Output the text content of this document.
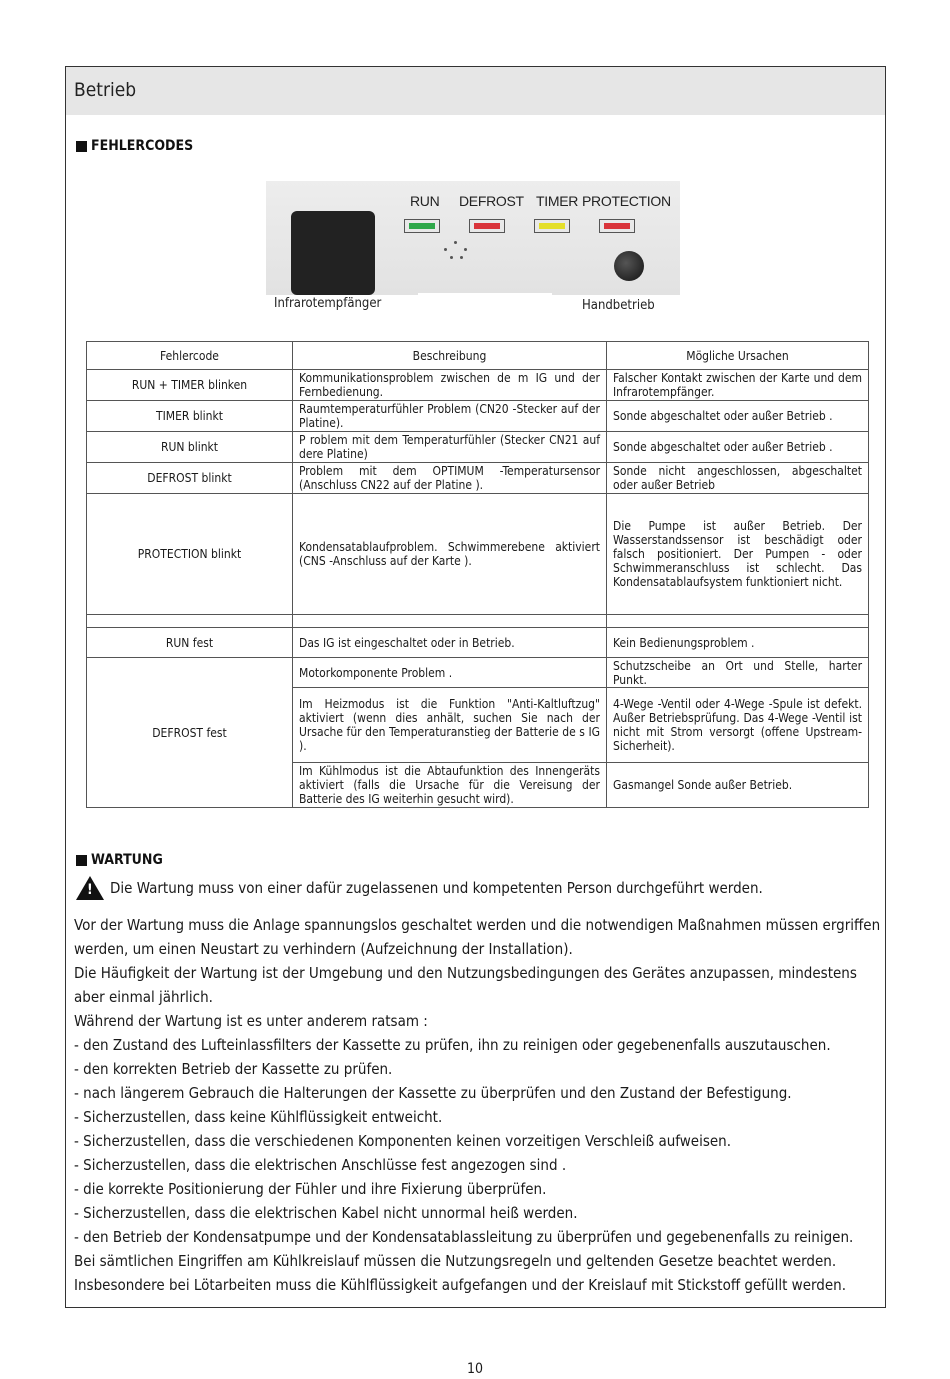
Betrieb
FEHLERCODES
RUN DEFROST TIMER PROTECTION
Infrarotempfänger	Handbetrieb
Fehlercode	Beschreibung	Mögliche Ursachen
RUN + TIMER blinken	Kommunikationsproblem zwischen de m IG und der Fernbedienung.	Falscher Kontakt zwischen der Karte und dem Infrarotempfänger.
TIMER blinkt	Raumtemperaturfühler Problem (CN20 -Stecker auf der Platine).	Sonde abgeschaltet oder außer Betrieb .
RUN blinkt	P roblem mit dem Temperaturfühler (Stecker CN21 auf dere Platine)	Sonde abgeschaltet oder außer Betrieb .
DEFROST blinkt	Problem mit dem OPTIMUM -Temperatursensor (Anschluss CN22 auf der Platine ).	Sonde nicht angeschlossen, abgeschaltet oder außer Betrieb
PROTECTION blinkt	Kondensatablaufproblem. Schwimmerebene aktiviert (CNS -Anschluss auf der Karte ).	Die Pumpe ist außer Betrieb. Der Wasserstandssensor ist beschädigt oder falsch positioniert. Der Pumpen - oder Schwimmeranschluss ist schlecht. Das Kondensatablaufsystem funktioniert nicht.

RUN fest	Das IG ist eingeschaltet oder in Betrieb.	Kein Bedienungsproblem .
DEFROST fest	Motorkomponente Problem .	Schutzscheibe an Ort und Stelle, harter Punkt.
	Im Heizmodus ist die Funktion "Anti-Kaltluftzug" aktiviert (wenn dies anhält, suchen Sie nach der Ursache für den Temperaturanstieg der Batterie de s IG ).	4-Wege -Ventil oder 4-Wege -Spule ist defekt. Außer Betriebsprüfung. Das 4-Wege -Ventil ist nicht mit Strom versorgt (offene Upstream-Sicherheit).
	Im Kühlmodus ist die Abtaufunktion des Innengeräts aktiviert (falls die Ursache für die Vereisung der Batterie des IG weiterhin gesucht wird).	Gasmangel Sonde außer Betrieb.
WARTUNG
! Die Wartung muss von einer dafür zugelassenen und kompetenten Person durchgeführt werden.

Vor der Wartung muss die Anlage spannungslos geschaltet werden und die notwendigen Maßnahmen müssen ergriffen werden, um einen Neustart zu verhindern (Aufzeichnung der Installation).

Die Häufigkeit der Wartung ist der Umgebung und den Nutzungsbedingungen des Gerätes anzupassen, mindestens aber einmal jährlich.

Während der Wartung ist es unter anderem ratsam :

- den Zustand des Lufteinlassfilters der Kassette zu prüfen, ihn zu reinigen oder gegebenenfalls auszutauschen.

- den korrekten Betrieb der Kassette zu prüfen.

- nach längerem Gebrauch die Halterungen der Kassette zu überprüfen und den Zustand der Befestigung.

- Sicherzustellen, dass keine Kühlflüssigkeit entweicht.

- Sicherzustellen, dass die verschiedenen Komponenten keinen vorzeitigen Verschleiß aufweisen.

- Sicherzustellen, dass die elektrischen Anschlüsse fest angezogen sind .

- die korrekte Positionierung der Fühler und ihre Fixierung überprüfen.

- Sicherzustellen, dass die elektrischen Kabel nicht unnormal heiß werden.

- den Betrieb der Kondensatpumpe und der Kondensatablassleitung zu überprüfen und gegebenenfalls zu reinigen.

Bei sämtlichen Eingriffen am Kühlkreislauf müssen die Nutzungsregeln und geltenden Gesetze beachtet werden.

Insbesondere bei Lötarbeiten muss die Kühlflüssigkeit aufgefangen und der Kreislauf mit Stickstoff gefüllt werden.

10
